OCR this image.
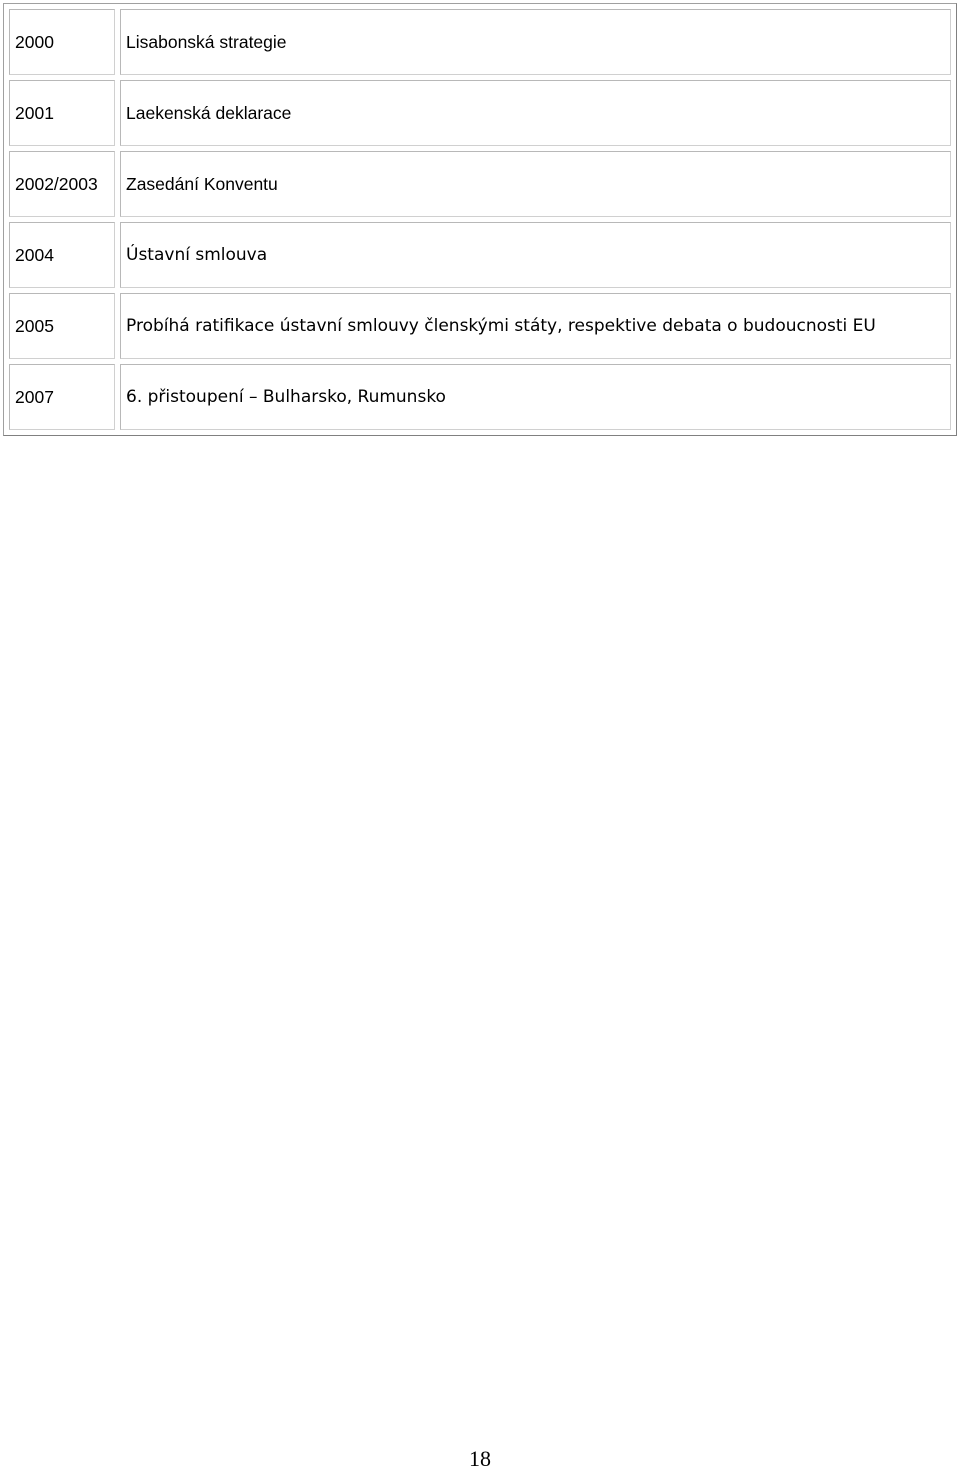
2000	Lisabonská strategie
2001	Laekenská deklarace
2002/2003	Zasedání Konventu
2004	Ústavní smlouva
2005	Probíhá ratifikace ústavní smlouvy členskými státy, respektive debata o budoucnosti EU
2007	6. přistoupení – Bulharsko, Rumunsko
18
